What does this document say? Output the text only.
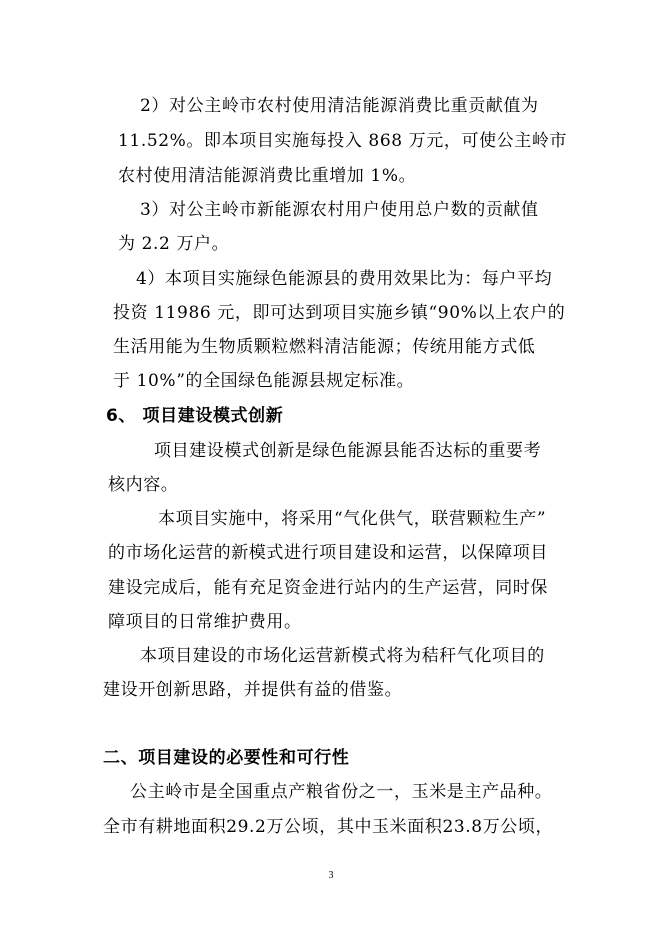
2）对公主岭市农村使用清洁能源消费比重贡献值为
11.52%。即本项目实施每投入 868 万元，可使公主岭市
农村使用清洁能源消费比重增加 1%。
3）对公主岭市新能源农村用户使用总户数的贡献值
为 2.2 万户。
4）本项目实施绿色能源县的费用效果比为：每户平均
投资 11986 元，即可达到项目实施乡镇“90%以上农户的
生活用能为生物质颗粒燃料清洁能源；传统用能方式低
于 10%”的全国绿色能源县规定标准。
6、 项目建设模式创新
项目建设模式创新是绿色能源县能否达标的重要考
核内容。
本项目实施中，将采用“气化供气，联营颗粒生产”
的市场化运营的新模式进行项目建设和运营，以保障项目
建设完成后，能有充足资金进行站内的生产运营，同时保
障项目的日常维护费用。
本项目建设的市场化运营新模式将为秸秆气化项目的
建设开创新思路，并提供有益的借鉴。
二、项目建设的必要性和可行性
公主岭市是全国重点产粮省份之一，玉米是主产品种。
全市有耕地面积29.2万公顷，其中玉米面积23.8万公顷，
3
